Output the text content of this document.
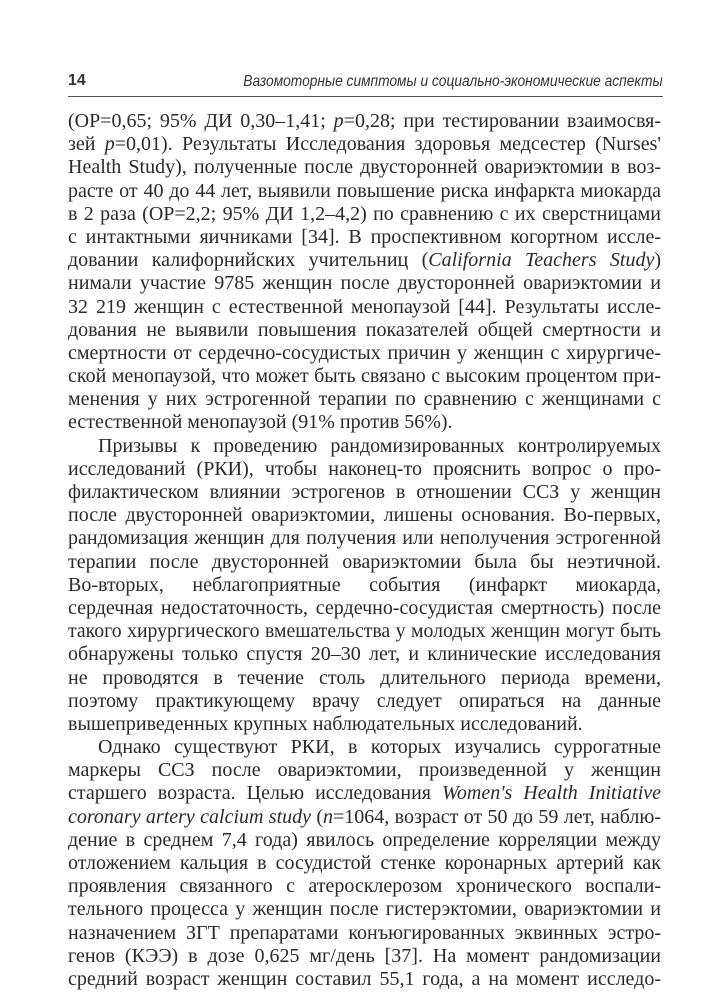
14	Вазомоторные симптомы и социально-экономические аспекты
(ОР=0,65; 95% ДИ 0,30–1,41; p=0,28; при тестировании взаимосвя-
зей p=0,01). Результаты Исследования здоровья медсестер (Nurses'
Health Study), полученные после двусторонней овариэктомии в воз-
расте от 40 до 44 лет, выявили повышение риска инфаркта миокарда
в 2 раза (ОР=2,2; 95% ДИ 1,2–4,2) по сравнению с их сверстницами
с интактными яичниками [34]. В проспективном когортном иссле-
довании калифорнийских учительниц (California Teachers Study)
нимали участие 9785 женщин после двусторонней овариэктомии и
32 219 женщин с естественной менопаузой [44]. Результаты иссле-
дования не выявили повышения показателей общей смертности и
смертности от сердечно-сосудистых причин у женщин с хирургиче-
ской менопаузой, что может быть связано с высоким процентом при-
менения у них эстрогенной терапии по сравнению с женщинами с
естественной менопаузой (91% против 56%).
Призывы к проведению рандомизированных контролируемых
исследований (РКИ), чтобы наконец-то прояснить вопрос о про-
филактическом влиянии эстрогенов в отношении ССЗ у женщин
после двусторонней овариэктомии, лишены основания. Во-первых,
рандомизация женщин для получения или неполучения эстрогенной
терапии после двусторонней овариэктомии была бы неэтичной.
Во-вторых, неблагоприятные события (инфаркт миокарда,
сердечная недостаточность, сердечно-сосудистая смертность) после
такого хирургического вмешательства у молодых женщин могут быть
обнаружены только спустя 20–30 лет, и клинические исследования
не проводятся в течение столь длительного периода времени,
поэтому практикующему врачу следует опираться на данные
вышеприведенных крупных наблюдательных исследований.
Однако существуют РКИ, в которых изучались суррогатные
маркеры ССЗ после овариэктомии, произведенной у женщин
старшего возраста. Целью исследования Women's Health Initiative
coronary artery calcium study (n=1064, возраст от 50 до 59 лет, наблю-
дение в среднем 7,4 года) явилось определение корреляции между
отложением кальция в сосудистой стенке коронарных артерий как
проявления связанного с атеросклерозом хронического воспали-
тельного процесса у женщин после гистерэктомии, овариэктомии и
назначением ЗГТ препаратами конъюгированных эквинных эстро-
генов (КЭЭ) в дозе 0,625 мг/день [37]. На момент рандомизации
средний возраст женщин составил 55,1 года, а на момент исследо-
